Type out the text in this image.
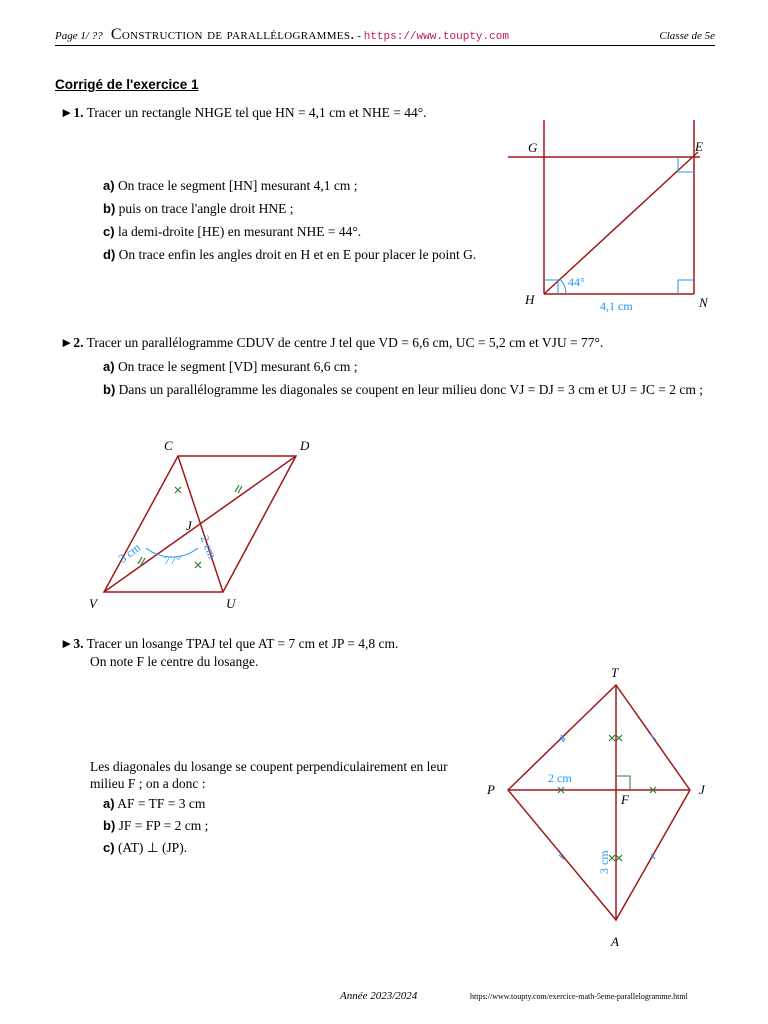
Page 1/ ?? Construction de parallélogrammes. - https://www.toupty.com	Classe de 5e
Corrigé de l'exercice 1
►1. Tracer un rectangle NHGE tel que HN = 4,1 cm et NHE = 44°.
a) On trace le segment [HN] mesurant 4,1 cm ;
b) puis on trace l'angle droit HNE ;
c) la demi-droite [HE) en mesurant NHE = 44°.
d) On trace enfin les angles droit en H et en E pour placer le point G.
G	E
H	N
44°
4,1 cm
►2. Tracer un parallélogramme CDUV de centre J tel que VD = 6,6 cm, UC = 5,2 cm et VJU = 77°.
a) On trace le segment [VD] mesurant 6,6 cm ;
b) Dans un parallélogramme les diagonales se coupent en leur milieu donc VJ = DJ = 3 cm et UJ = JC = 2 cm ;
C	D
V	U
J
3 cm	2 cm
77°
►3. Tracer un losange TPAJ tel que AT = 7 cm et JP = 4,8 cm.
On note F le centre du losange.
Les diagonales du losange se coupent perpendiculairement en leur milieu F ; on a donc :
a) AF = TF = 3 cm
b) JF = FP = 2 cm ;
c) (AT) ⊥ (JP).
T
P	J
A
F
2 cm
3 cm
Année 2023/2024	https://www.toupty.com/exercice-math-5eme-parallelogramme.html
